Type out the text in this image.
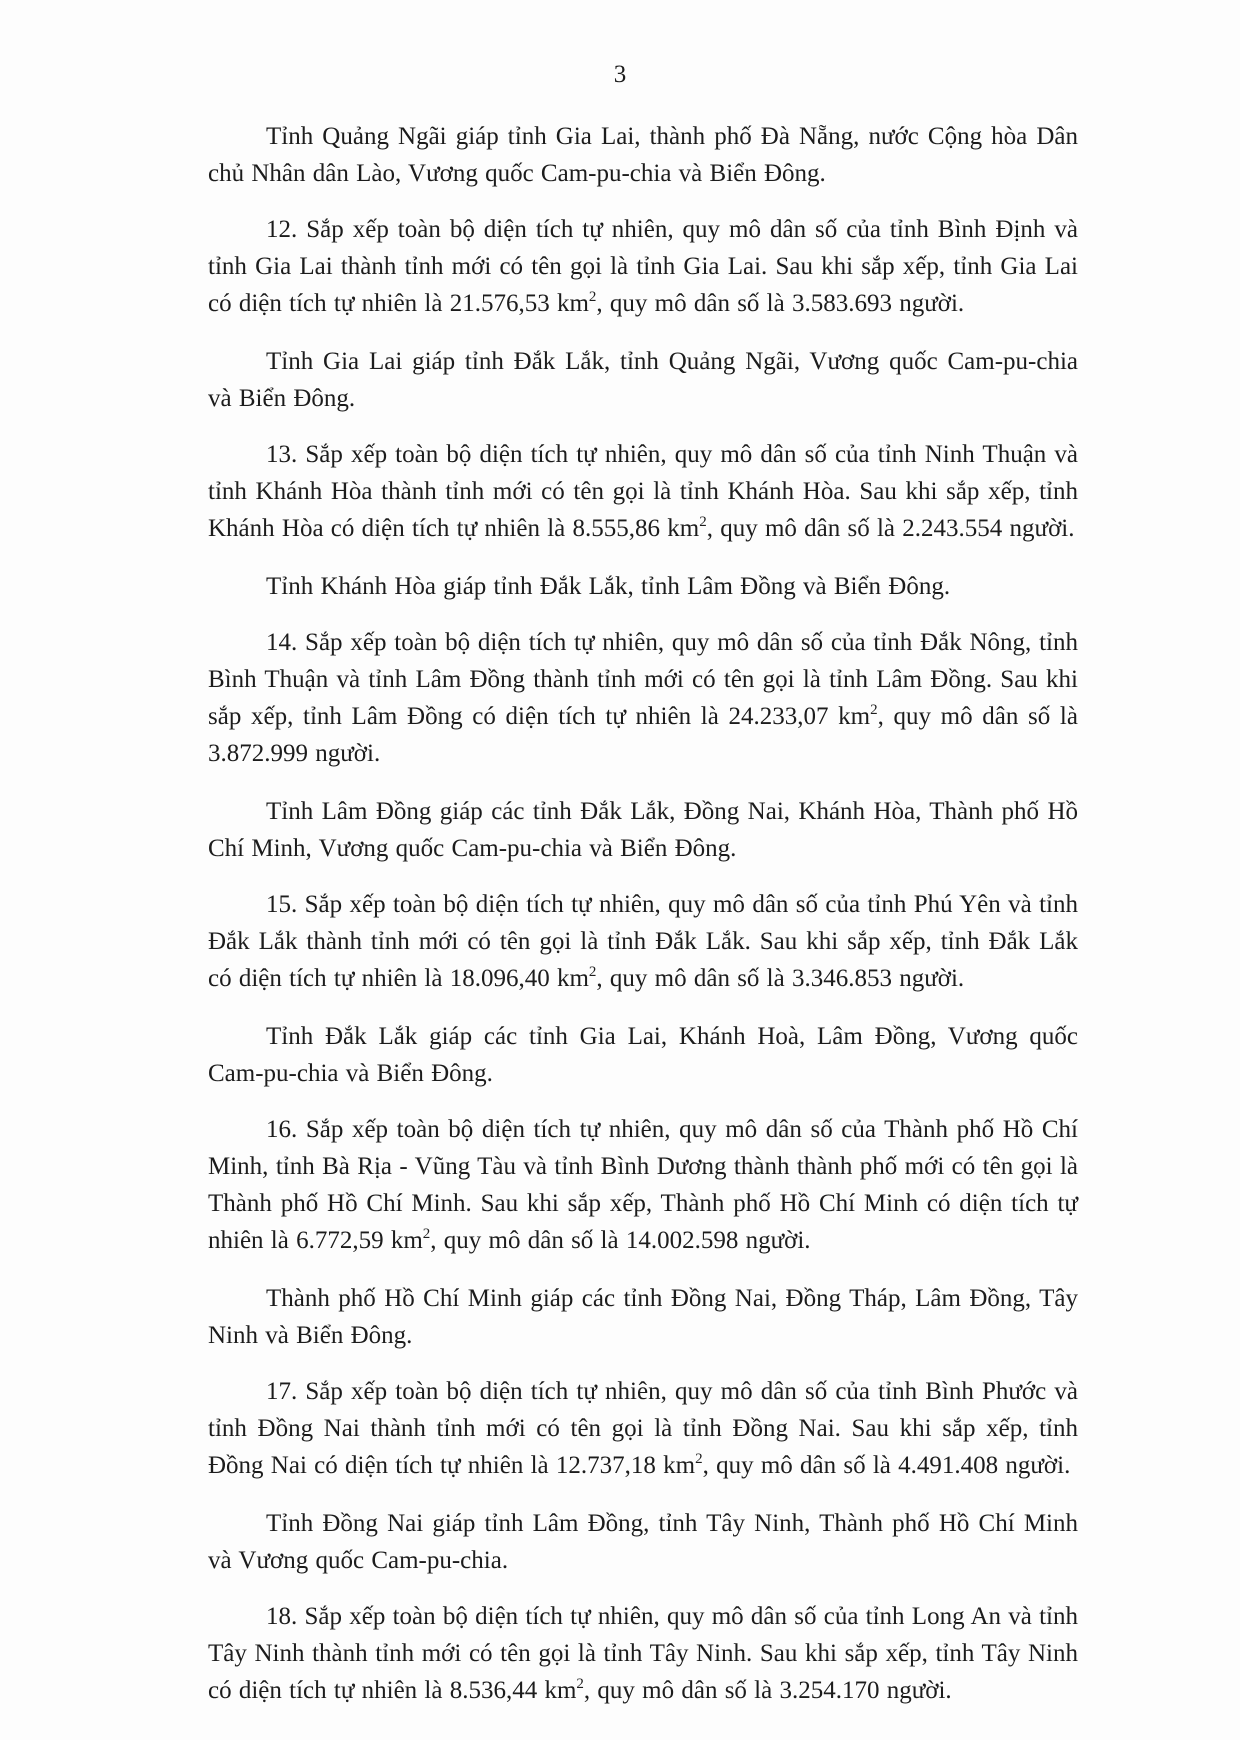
3

Tỉnh Quảng Ngãi giáp tỉnh Gia Lai, thành phố Đà Nẵng, nước Cộng hòa Dân chủ Nhân dân Lào, Vương quốc Cam-pu-chia và Biển Đông.

12. Sắp xếp toàn bộ diện tích tự nhiên, quy mô dân số của tỉnh Bình Định và tỉnh Gia Lai thành tỉnh mới có tên gọi là tỉnh Gia Lai. Sau khi sắp xếp, tỉnh Gia Lai có diện tích tự nhiên là 21.576,53 $km^2$, quy mô dân số là 3.583.693 người.

Tỉnh Gia Lai giáp tỉnh Đắk Lắk, tỉnh Quảng Ngãi, Vương quốc Cam-pu-chia và Biển Đông.

13. Sắp xếp toàn bộ diện tích tự nhiên, quy mô dân số của tỉnh Ninh Thuận và tỉnh Khánh Hòa thành tỉnh mới có tên gọi là tỉnh Khánh Hòa. Sau khi sắp xếp, tỉnh Khánh Hòa có diện tích tự nhiên là 8.555,86 $km^2$, quy mô dân số là 2.243.554 người.

Tỉnh Khánh Hòa giáp tỉnh Đắk Lắk, tỉnh Lâm Đồng và Biển Đông.

14. Sắp xếp toàn bộ diện tích tự nhiên, quy mô dân số của tỉnh Đắk Nông, tỉnh Bình Thuận và tỉnh Lâm Đồng thành tỉnh mới có tên gọi là tỉnh Lâm Đồng. Sau khi sắp xếp, tỉnh Lâm Đồng có diện tích tự nhiên là 24.233,07 $km^2$, quy mô dân số là 3.872.999 người.

Tỉnh Lâm Đồng giáp các tỉnh Đắk Lắk, Đồng Nai, Khánh Hòa, Thành phố Hồ Chí Minh, Vương quốc Cam-pu-chia và Biển Đông.

15. Sắp xếp toàn bộ diện tích tự nhiên, quy mô dân số của tỉnh Phú Yên và tỉnh Đắk Lắk thành tỉnh mới có tên gọi là tỉnh Đắk Lắk. Sau khi sắp xếp, tỉnh Đắk Lắk có diện tích tự nhiên là 18.096,40 $km^2$, quy mô dân số là 3.346.853 người.

Tỉnh Đắk Lắk giáp các tỉnh Gia Lai, Khánh Hoà, Lâm Đồng, Vương quốc Cam-pu-chia và Biển Đông.

16. Sắp xếp toàn bộ diện tích tự nhiên, quy mô dân số của Thành phố Hồ Chí Minh, tỉnh Bà Rịa - Vũng Tàu và tỉnh Bình Dương thành thành phố mới có tên gọi là Thành phố Hồ Chí Minh. Sau khi sắp xếp, Thành phố Hồ Chí Minh có diện tích tự nhiên là 6.772,59 $km^2$, quy mô dân số là 14.002.598 người.

Thành phố Hồ Chí Minh giáp các tỉnh Đồng Nai, Đồng Tháp, Lâm Đồng, Tây Ninh và Biển Đông.

17. Sắp xếp toàn bộ diện tích tự nhiên, quy mô dân số của tỉnh Bình Phước và tỉnh Đồng Nai thành tỉnh mới có tên gọi là tỉnh Đồng Nai. Sau khi sắp xếp, tỉnh Đồng Nai có diện tích tự nhiên là 12.737,18 $km^2$, quy mô dân số là 4.491.408 người.

Tỉnh Đồng Nai giáp tỉnh Lâm Đồng, tỉnh Tây Ninh, Thành phố Hồ Chí Minh và Vương quốc Cam-pu-chia.

18. Sắp xếp toàn bộ diện tích tự nhiên, quy mô dân số của tỉnh Long An và tỉnh Tây Ninh thành tỉnh mới có tên gọi là tỉnh Tây Ninh. Sau khi sắp xếp, tỉnh Tây Ninh có diện tích tự nhiên là 8.536,44 $km^2$, quy mô dân số là 3.254.170 người.
